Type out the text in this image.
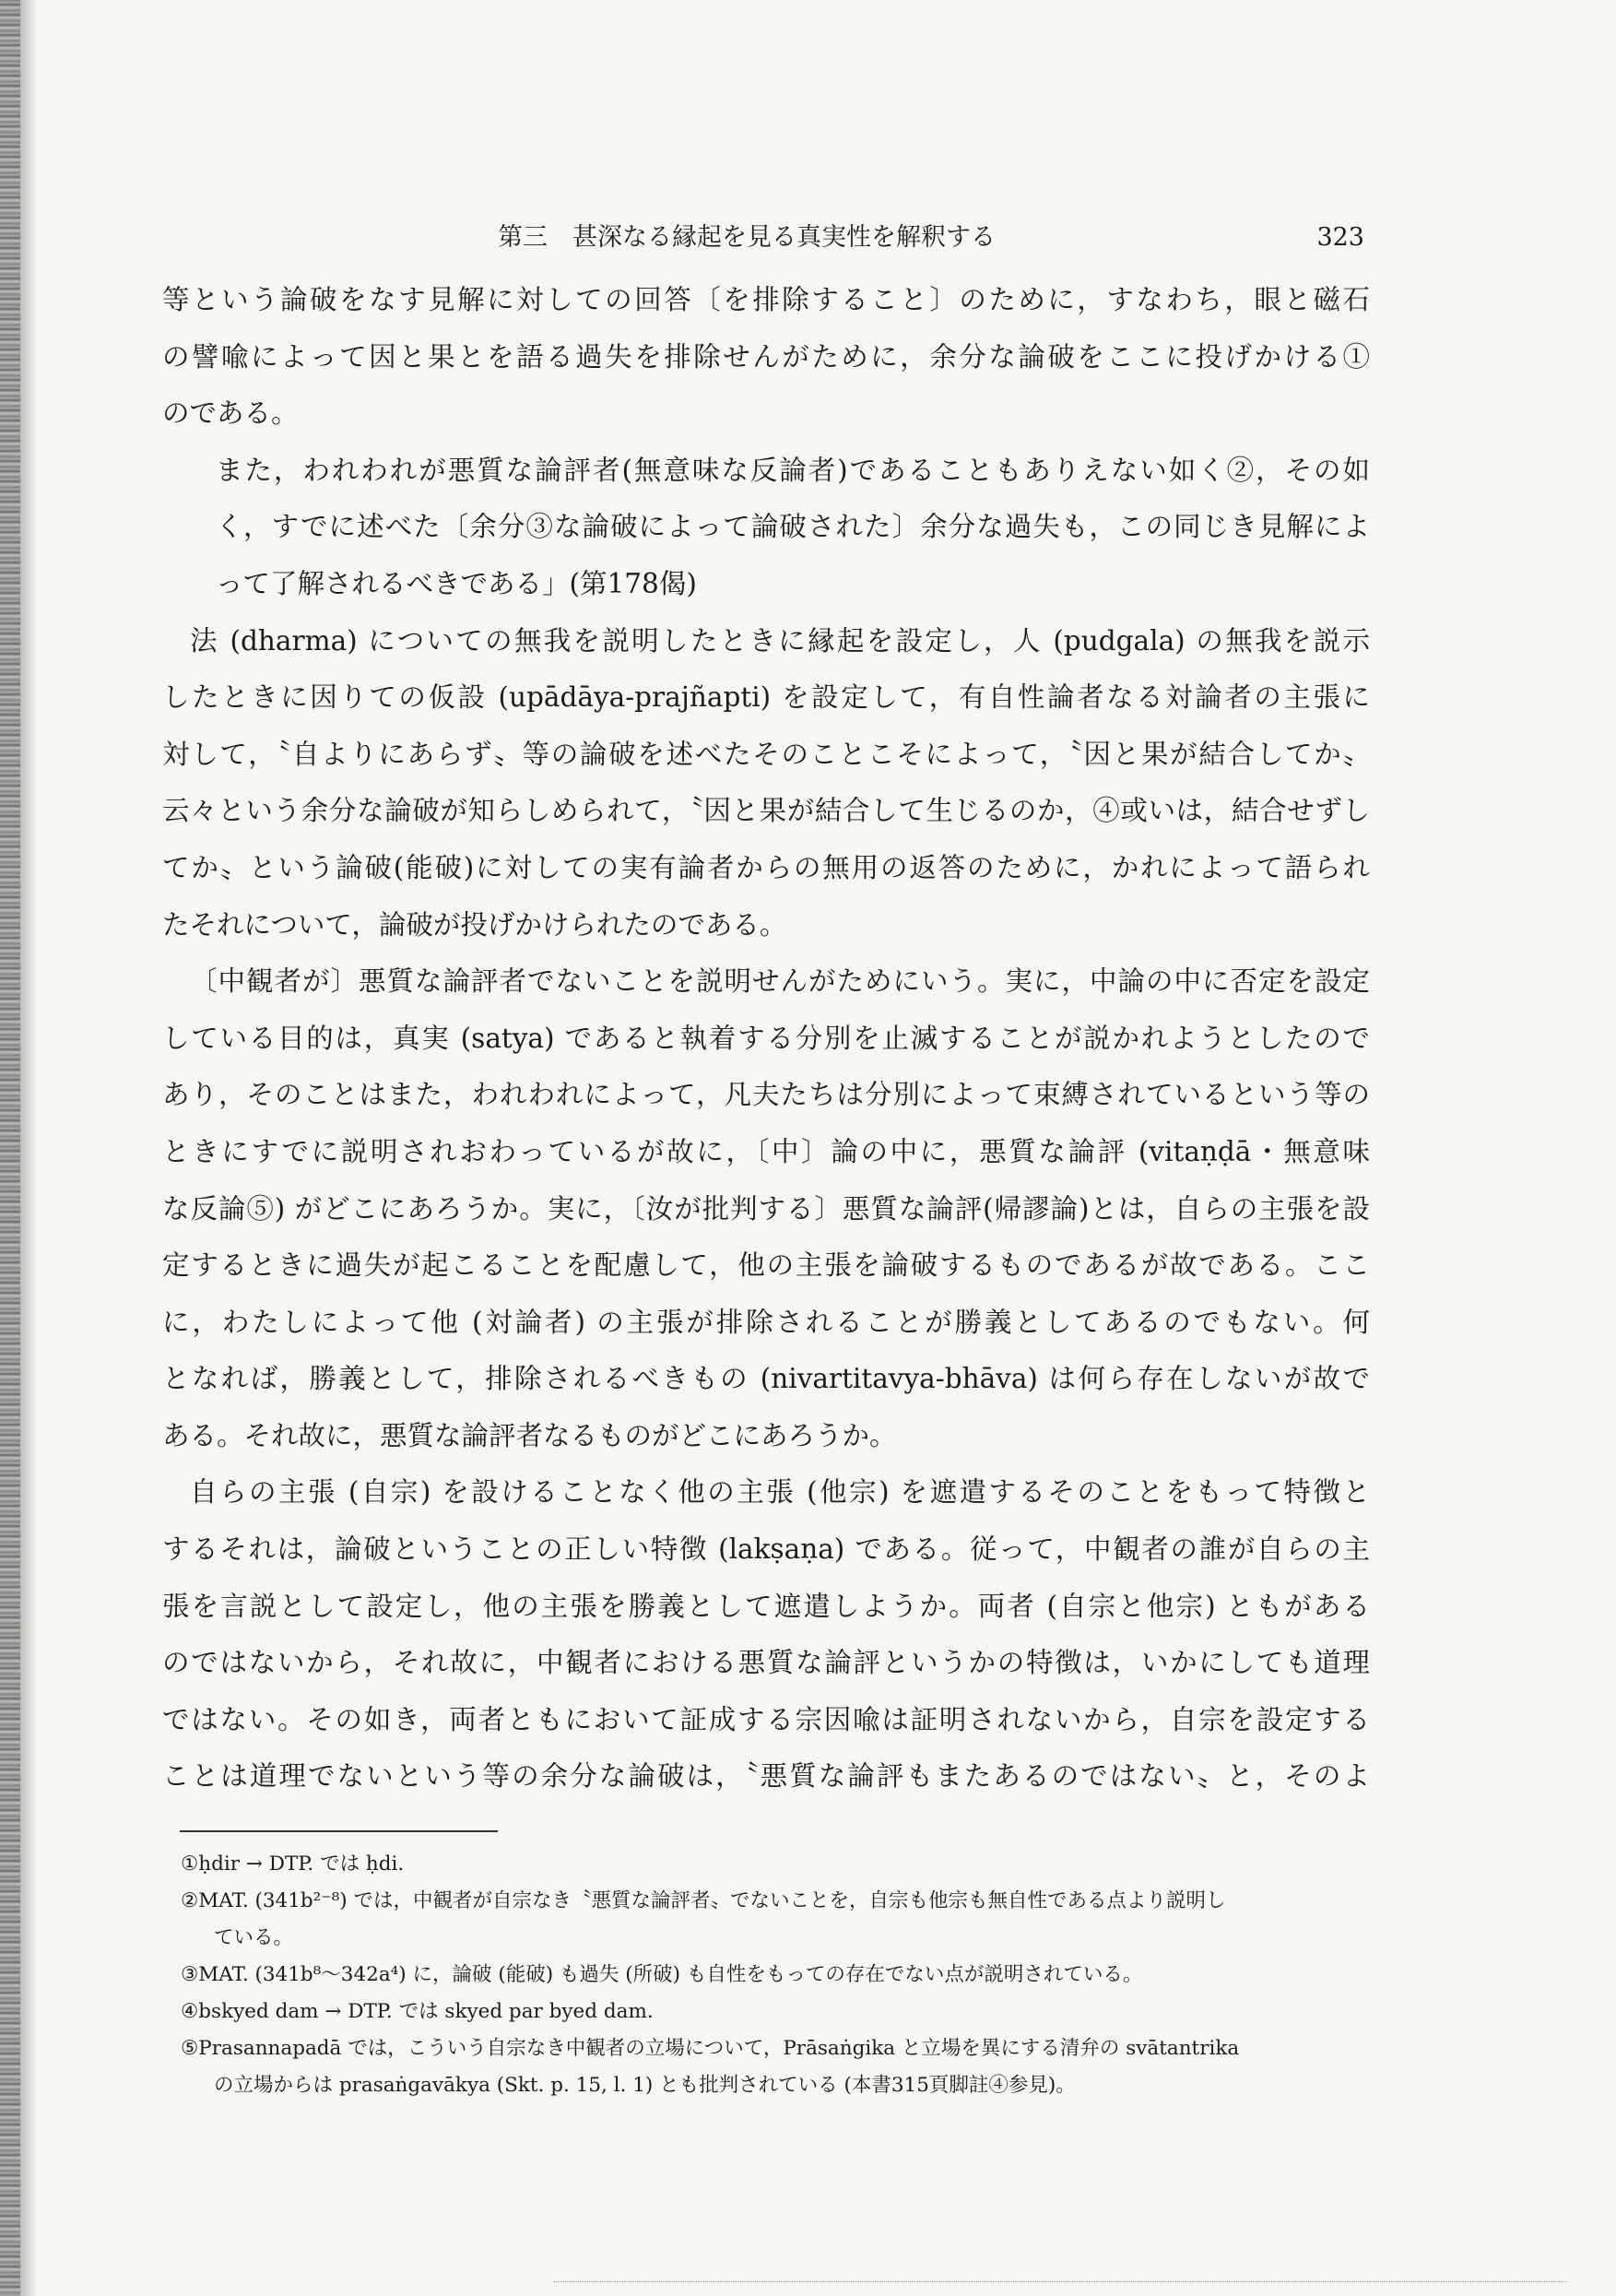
第三　甚深なる縁起を見る真実性を解釈する	323
等という論破をなす見解に対しての回答〔を排除すること〕のために，すなわち，眼と磁石
の譬喩によって因と果とを語る過失を排除せんがために，余分な論破をここに投げかける①
のである。
また，われわれが悪質な論評者(無意味な反論者)であることもありえない如く②，その如
く，すでに述べた〔余分③な論破によって論破された〕余分な過失も，この同じき見解によ
って了解されるべきである」(第178偈)
法 (dharma) についての無我を説明したときに縁起を設定し，人 (pudgala) の無我を説示
したときに因りての仮設 (upādāya-prajñapti) を設定して，有自性論者なる対論者の主張に
対して，〝自よりにあらず〟等の論破を述べたそのことこそによって，〝因と果が結合してか〟
云々という余分な論破が知らしめられて，〝因と果が結合して生じるのか，④或いは，結合せずし
てか〟という論破(能破)に対しての実有論者からの無用の返答のために，かれによって語られ
たそれについて，論破が投げかけられたのである。
〔中観者が〕悪質な論評者でないことを説明せんがためにいう。実に，中論の中に否定を設定
している目的は，真実 (satya) であると執着する分別を止滅することが説かれようとしたので
あり，そのことはまた，われわれによって，凡夫たちは分別によって束縛されているという等の
ときにすでに説明されおわっているが故に，〔中〕論の中に，悪質な論評 (vitaṇḍā・無意味
な反論⑤) がどこにあろうか。実に，〔汝が批判する〕悪質な論評(帰謬論)とは，自らの主張を設
定するときに過失が起こることを配慮して，他の主張を論破するものであるが故である。ここ
に，わたしによって他 (対論者) の主張が排除されることが勝義としてあるのでもない。何
となれば，勝義として，排除されるべきもの (nivartitavya-bhāva) は何ら存在しないが故で
ある。それ故に，悪質な論評者なるものがどこにあろうか。
自らの主張 (自宗) を設けることなく他の主張 (他宗) を遮遣するそのことをもって特徴と
するそれは，論破ということの正しい特徴 (lakṣaṇa) である。従って，中観者の誰が自らの主
張を言説として設定し，他の主張を勝義として遮遣しようか。両者 (自宗と他宗) ともがある
のではないから，それ故に，中観者における悪質な論評というかの特徴は，いかにしても道理
ではない。その如き，両者ともにおいて証成する宗因喩は証明されないから，自宗を設定する
ことは道理でないという等の余分な論破は，〝悪質な論評もまたあるのではない〟と，そのよ
①ḥdir → DTP. では ḥdi.
②MAT. (341b²⁻⁸) では，中観者が自宗なき〝悪質な論評者〟でないことを，自宗も他宗も無自性である点より説明し
ている。
③MAT. (341b⁸～342a⁴) に，論破 (能破) も過失 (所破) も自性をもっての存在でない点が説明されている。
④bskyed dam → DTP. では skyed par byed dam.
⑤Prasannapadā では，こういう自宗なき中観者の立場について，Prāsaṅgika と立場を異にする清弁の svātantrika
の立場からは prasaṅgavākya (Skt. p. 15, l. 1) とも批判されている (本書315頁脚註④参見)。
